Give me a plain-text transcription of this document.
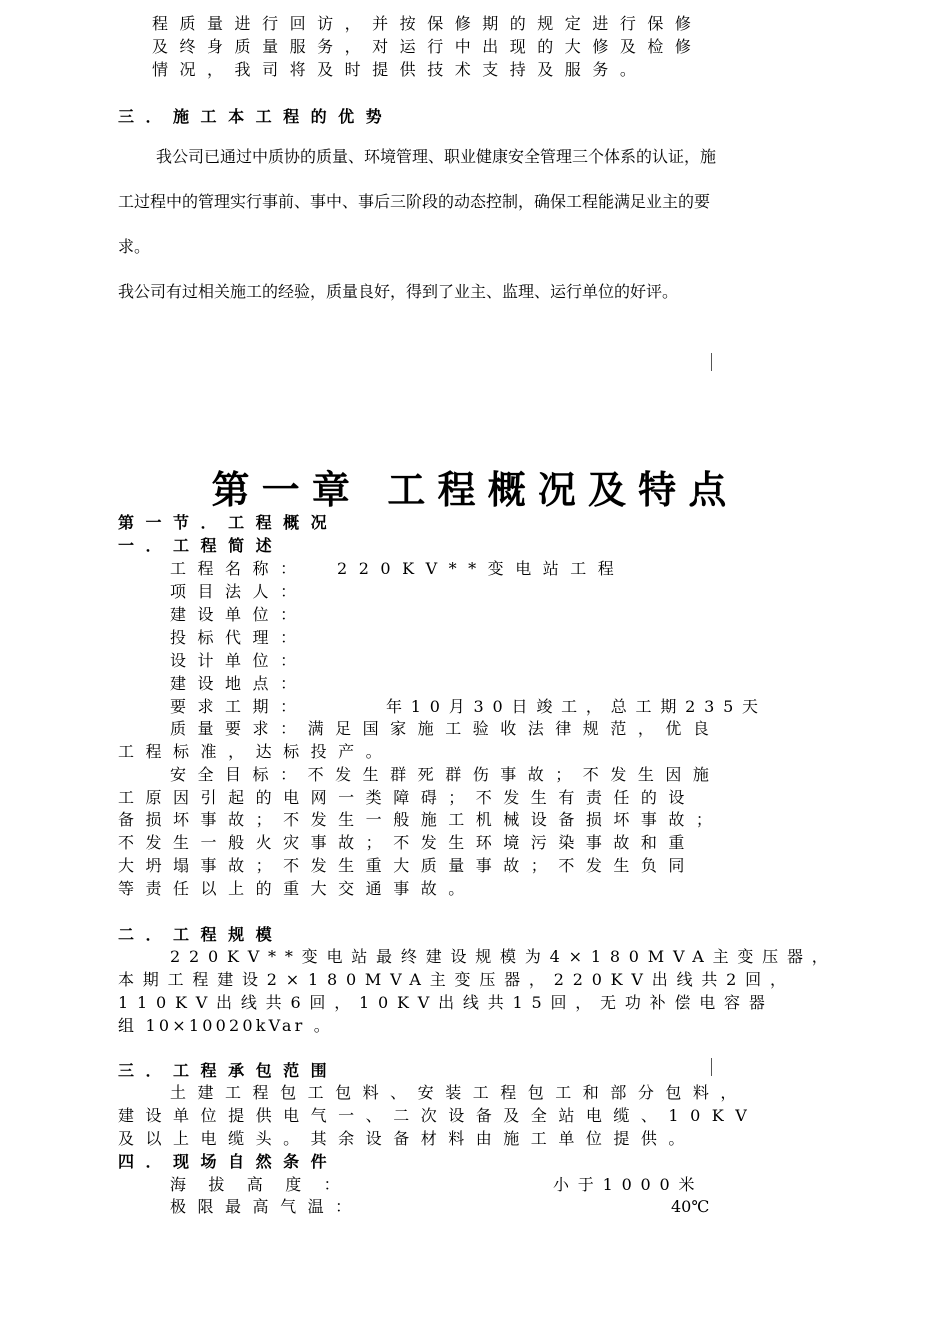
程质量进行回访，并按保修期的规定进行保修
及终身质量服务，对运行中出现的大修及检修
情况，我司将及时提供技术支持及服务。
三．施工本工程的优势
我公司已通过中质协的质量、环境管理、职业健康安全管理三个体系的认证，施
工过程中的管理实行事前、事中、事后三阶段的动态控制，确保工程能满足业主的要
求。
我公司有过相关施工的经验，质量良好，得到了业主、监理、运行单位的好评。
第一章 工程概况及特点
第一节．工程概况
一．工程简述
工程名称： 220KV**变电站工程
项目法人：
建设单位：
投标代理：
设计单位：
建设地点：
要求工期：	年10月30日竣工，总工期235天
质量要求：满足国家施工验收法律规范，优良
工程标准，达标投产。
安全目标：不发生群死群伤事故；不发生因施
工原因引起的电网一类障碍；不发生有责任的设
备损坏事故；不发生一般施工机械设备损坏事故；
不发生一般火灾事故；不发生环境污染事故和重
大坍塌事故；不发生重大质量事故；不发生负同
等责任以上的重大交通事故。
二．工程规模
220KV**变电站最终建设规模为4×180MVA主变压器，
本期工程建设2×180MVA主变压器，220KV出线共2回，
110KV出线共6回，10KV出线共15回，无功补偿电容器
组 10×10020kVar 。
三．工程承包范围
土建工程包工包料、安装工程包工和部分包料，
建设单位提供电气一、二次设备及全站电缆、10KV
及以上电缆头。其余设备材料由施工单位提供。
四．现场自然条件
海拔高度：	小于1000米
极限最高气温：	40℃
